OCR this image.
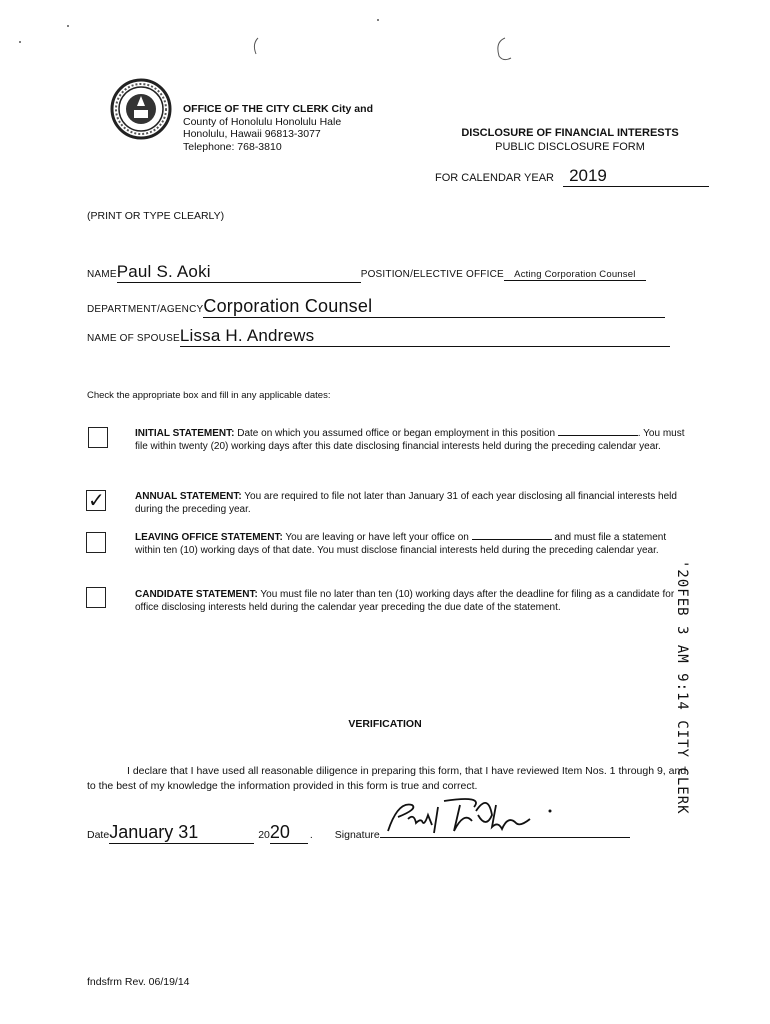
OFFICE OF THE CITY CLERK City and
County of Honolulu Honolulu Hale
Honolulu, Hawaii 96813-3077
Telephone: 768-3810
DISCLOSURE OF FINANCIAL INTERESTS
PUBLIC DISCLOSURE FORM
FOR CALENDAR YEAR 2019
(PRINT OR TYPE CLEARLY)
NAMEPaul S. Aoki	POSITION/ELECTIVE OFFICE Acting Corporation Counsel
DEPARTMENT/AGENCYCorporation Counsel
NAME OF SPOUSELissa H. Andrews
Check the appropriate box and fill in any applicable dates:
INITIAL STATEMENT: Date on which you assumed office or began employment in this position	. You must file within twenty (20) working days after this date disclosing financial interests held during the preceding calendar year.
✓	ANNUAL STATEMENT: You are required to file not later than January 31 of each year disclosing all financial interests held during the preceding year.
LEAVING OFFICE STATEMENT: You are leaving or have left your office on	and must file a statement within ten (10) working days of that date. You must disclose financial interests held during the preceding calendar year.
CANDIDATE STATEMENT: You must file no later than ten (10) working days after the deadline for filing as a candidate for office disclosing interests held during the calendar year preceding the due date of the statement.
VERIFICATION
I declare that I have used all reasonable diligence in preparing this form, that I have reviewed Item Nos. 1 through 9, and to the best of my knowledge the information provided in this form is true and correct.
DateJanuary 31	2020 . Signature
'20FEB 3 AM 9:14 CITY CLERK
fndsfrm Rev. 06/19/14
